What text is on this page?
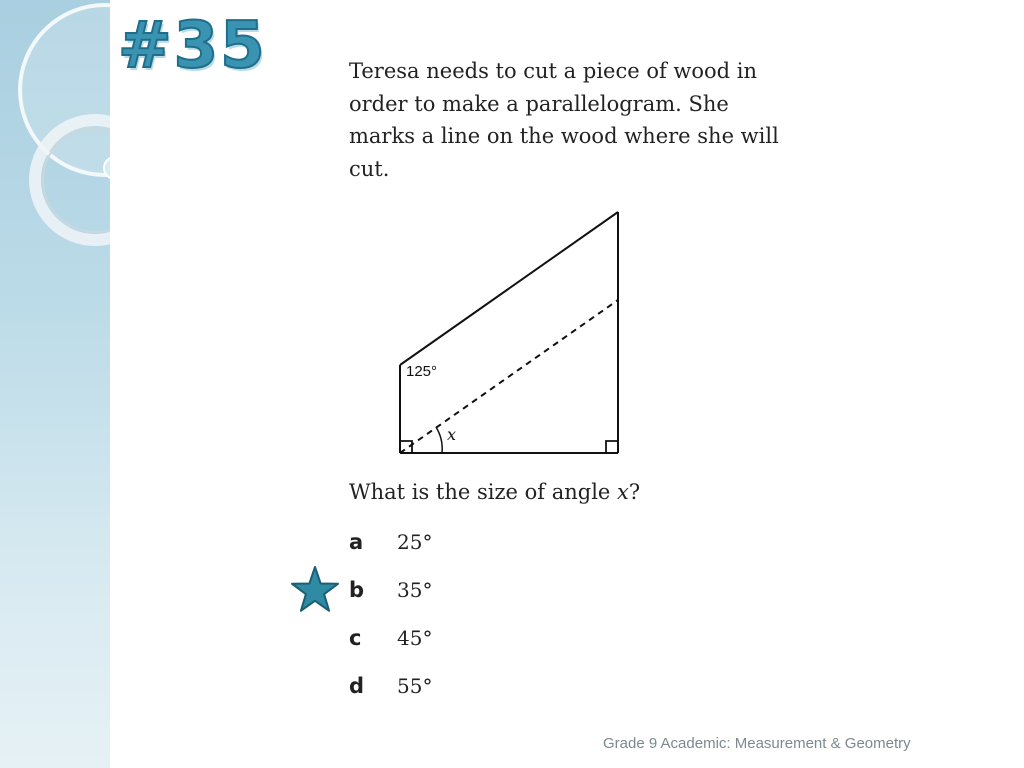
#35	Teresa needs to cut a piece of wood in order to make a parallelogram. She marks a line on the wood where she will cut.
125°
x
What is the size of angle x?
a 25°
b 35°
c 45°
d 55°
Grade 9 Academic: Measurement & Geometry
